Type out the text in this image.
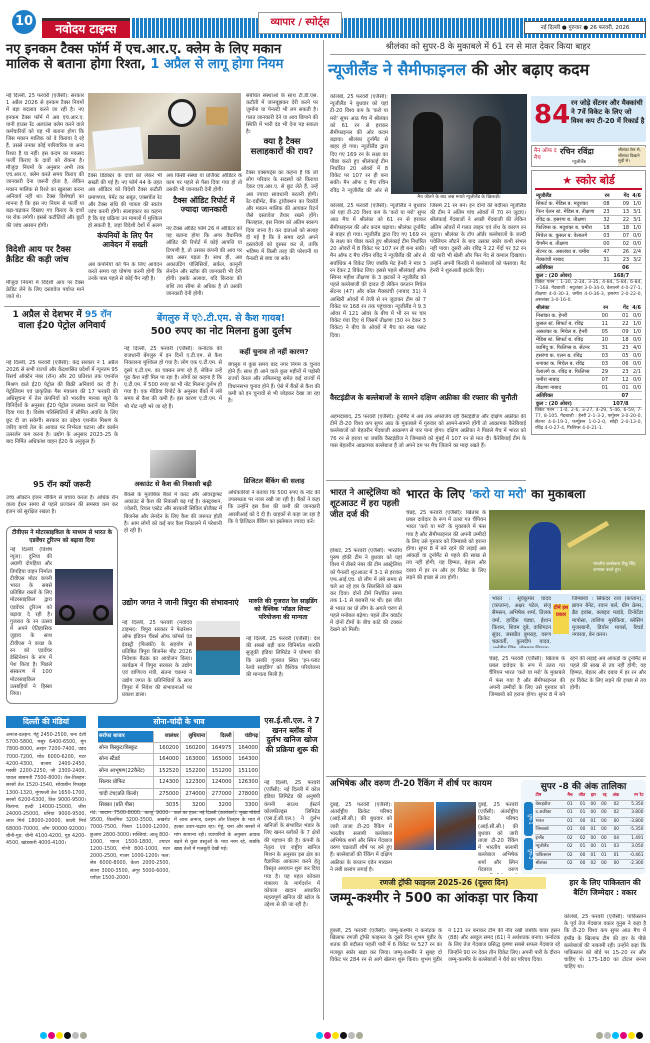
10	नवोदय टाइम्स	व्यापार / स्पोर्ट्स	नई दिल्ली ● गुरुवार ● 26 फरवरी, 2026
नए इनकम टैक्स फॉर्म में एच.आर.ए. क्लेम के लिए मकान मालिक से बताना होगा रिश्ता, 1 अप्रैल से लागू होगा नियम
नई दिल्ली, 25 फरवरी (एजैंसी): सरकार 1 अप्रैल 2026 से इनकम टैक्स नियमों में बड़ा बदलाव करने जा रही है। नए इनकम टैक्स फॉर्म में अब एच.आर.ए. यानी हाउस रेंट अलाउंस क्लेम करने वाले कर्मचारियों को यह भी बताना होगा कि जिस मकान मालिक को वे किराया दे रहे हैं, उससे उनका कोई पारिवारिक या अन्य रिश्ता है या नहीं। इस कदम का मकसद फर्जी किराए के दावों को रोकना है। मौजूदा नियमों के अनुसार अभी तक एच.आर.ए. क्लेम करते समय किराए की जानकारी देना जरूरी होता है, लेकिन मकान मालिक से रिश्ते का खुलासा करना अनिवार्य नहीं था। टैक्स विशेषज्ञों का मानना है कि इस नए नियम से फर्जी या बढ़ा-चढ़ाकर दिखाए गए किराए के दावों पर रोक लगेगी। इससे कटौतियों और छूटों की जांच आसान होगी।
विदेशी आय पर टैक्स क्रैडिट की कड़ी जांच
मौजूदा नियमों में विदेशी आय पर टैक्स क्रेडिट लेने के लिए दस्तावेज पर्याप्त माने जाते थे।
टैक्स डिडक्टर के दावों को लेकर भी सख्ती की गई है। नए फॉर्म 44 के तहत अब ऑडिटर को विदेशी टैक्स कटौती प्रमाणपत्र, पेमेंट का सबूत, एक्सचेंज रेट और टैक्स संधि की पात्रता की स्वतंत्र जांच करनी होगी। सलाहकार का कहना है कि यह प्रक्रिया उन मामलों में मुश्किल हो सकती है, जहां विदेशी देशों में अलग
कंपनियों के लिए पैन आवेदन में सख्ती
अब कंपनियों को पैन के लिए आवेदन करते समय यह घोषणा करनी होगी कि उनके पास पहले से कोई पैन नहीं है।
अब किसी संस्था या प्रोजैक्ट ऑडिटर के काम पर पहले से पैसा दिया गया हो तो उसकी भी जानकारी देनी होगी।
टैक्स ऑडिट रिपोर्ट में ज्यादा जानकारी
नए टैक्स ऑडिट फॉर्म 26 में ऑडिटर को यह बताना होगा कि अगर वैधानिक ऑडिट की रिपोर्ट में कोई आपत्ति या टिप्पणी है, तो उसका कंपनी की आय पर क्या असर पड़ता है। साथ ही, अब अकाउंटिंग पॉलिसियों, सर्कल, कानूनी लेनदेन और स्टॉक की जानकारी भी देनी होगी। इसके अलावा, यदि किराया की राशि तय सीमा से अधिक है तो उसकी जानकारी देनी होगी।
संबंधित संस्थाओं के साथ टी.डी.एस. कटौती में जानबूझकर देरी करने पर जुर्माना या पेनल्टी भी लग सकती है। गलत जानकारी देने या आय छिपाने की स्थिति में भारी दंड भी देना पड़ सकता है।
क्या है टैक्स सलाहकारों की राय?
टैक्स एक्सपर्ट्स का कहना है कि जो लोग परिवार के सदस्यों को किराया देकर एच.आर.ए. से छूट लेते हैं, उन्हें अब ज्यादा सावधानी बरतनी होगी। रेंट-एग्रीमेंट, बैंक ट्रांजैक्शन का रिकॉर्ड और मकान मालिक की आयकर रिटर्न जैसे दस्तावेज तैयार रखने होंगे। फिलहाल, इस नियम को अंतिम स्वरूप दिया जाना है। कर दाताओं को सलाह दी गई है कि वे समय रहते अपने दस्तावेजों को दुरुस्त कर लें, ताकि भविष्य में किसी तरह की परेशानी या पैनल्टी से बचा जा सके।
1 अप्रैल से देशभर में 95 रॉन वाला ई20 पेट्रोल अनिवार्य
नई दिल्ली, 25 फरवरी (एजैंसी): केंद्र सरकार ने 1 अप्रैल 2026 से सभी राज्यों और केंद्रशासित प्रदेशों में न्यूनतम 95 रिसर्च ऑक्टेन नंबर (रॉन) और 20 प्रतिशत तक एथनॉल मिश्रण वाले ई20 पेट्रोल की बिक्री अनिवार्य कर दी है। पेट्रोलियम एवं प्राकृतिक गैस मंत्रालय की 17 फरवरी की अधिसूचना में तेल कंपनियों को भारतीय मानक ब्यूरो के विनिर्देशों के अनुसार ई20 पेट्रोल उपलब्ध कराने का निर्देश दिया गया है। विशेष परिस्थितियों में सीमित अवधि के लिए छूट दी जा सकेगी। सरकार का उद्देश्य एथनॉल मिश्रण के जरिए कच्चे तेल के आयात पर निर्भरता घटाना और कार्बन उत्सर्जन कम करना है। उद्योग के अनुसार 2023-25 के बाद निर्मित अधिकांश वाहन ई20 के अनुकूल हैं।
95 रॉन क्यों जरूरी
उच्च ऑक्टेन इंजन नॉकिंग से बचाव करता है। अधिक रॉन वाला ईंधन समय से पहले प्रज्वलन की समस्या कम कर इंजन को सुरक्षित रखता है।
बेंगलुरु में एे.टी.एम. से कैश गायब!
500 रुपए का नोट मिलना हुआ दुर्लभ
नई दिल्ली, 25 फरवरी (एजैंसी): कर्नाटक की राजधानी बेंगलुरु में इन दिनों ए.टी.एम. से कैश निकालना मुश्किल हो गया है। लोग एक ए.टी.एम. से दूसरे ए.टी.एम. का चक्कर लगा रहे हैं, लेकिन उन्हें पूरा कैश नहीं मिल पा रहा है। लोगों का कहना है कि ए.टी.एम. में 500 रुपए का भी नोट मिलना दुर्लभ हो गया है। एक मीडिया रिपोर्ट के अनुसार बैंकों में लंबे समय से कैश की कमी है। इस कारण ए.टी.एम. में भी नोट नहीं भरे जा रहे हैं।
अकाउंट से कैश की निकासी बढ़ी
बैंकर्स के मुताबिक बैंकों में करंट और ओवरड्राफ्ट अकाउंट से कैश की निकासी बढ़ गई है। कंस्ट्रक्शन, ज्वेलरी, रियल एस्टेट और सरकारी सिविल प्रोजैक्ट में बिजनेस और लेनदेन के लिए कैश की जरूरत होती है। आम लोगों को कई बार कैश निकालने में परेशानी हो रही है।
कहीं चुनाव तो नहीं कारण?
बेंगलुरु में कुछ समय बाद नगर निगम के चुनाव होने हैं। साथ ही आने वाले कुछ महीनों में पड़ोसी राज्यों केरल और तमिलनाडु समेत कई राज्यों में विधानसभा चुनाव होने हैं। ऐसे में बैंकों से कैश की कमी को इन चुनावों से भी जोड़कर देखा जा रहा है।
डिजिटल बैंकिंग की सलाह
अधिकारियों ने बताया कि 500 रुपए के नोट की उपलब्धता पर नजर रखी जा रही है। बैंकों ने कहा कि उन्होंने इस कैश की कमी की जानकारी आरबीआई को दे दी है। ग्राहकों से कहा जा रहा है कि वे डिजिटल बैंकिंग का इस्तेमाल ज्यादा करें।
टीवीएस ने मोटरसाइकिल के माध्यम से भारत के एडवेंचर टूरिज्म को बढ़ावा दिया
नई दिल्ली (विशेष न्यूज): दुनिया की अग्रणी दोपहिया और तिपहिया वाहन निर्माता टीवीएस मोटर कंपनी भारत के सबसे प्रतिष्ठित रास्तों के लिए मोटरसाइकिल द्वारा एडवेंचर टूरिज्म को बढ़ावा दे रही है। गुजरात के रन उत्सव में अपने ऐतिहासिक जुड़ाव के साथ टीवीएस ने कच्छ के रन को एडवेंचर डेस्टिनेशन के रूप में पेश किया है। पिछले संस्करण में 100 मोटरसाइकिल उत्साहियों ने हिस्सा लिया।
उद्योग जगत ने जानी त्रिपुरा की संभावनाएं
नई दिल्ली, 25 फरवरी (नवोदय टाइम्स): त्रिपुरा सरकार ने फेडरेशन ऑफ इंडियन चैंबर्स ऑफ कॉमर्स एंड इंडस्ट्री (फिक्की) के सहयोग से प्रतिष्ठित त्रिपुरा बिजनेस मीट 2026 निवेशक बैठक का आयोजन किया। कार्यक्रम में त्रिपुरा सरकार के उद्योग एवं वाणिज्य मंत्री, संतना चकमा ने उद्योग जगत के प्रतिनिधियों के साथ त्रिपुरा में निवेश की संभावनाओं पर प्रकाश डाला।
मारुति की गुजरात रेल साइडिंग को वैश्विक 'मॉडल शिफ्ट' परियोजना की मान्यता
नई दिल्ली, 25 फरवरी (एजैंसी): देश की सबसे बड़ी कार विनिर्माता मारुति सुजुकी इंडिया लिमिटेड ने घोषणा की कि उसकी गुजरात स्थित 'इन-प्लांट रेलवे साइडिंग' को वैश्विक परियोजना की मान्यता मिली है।
दिल्ली की मंडियां
अनाज-दलहन: गेहूं 2450-2500, चना देशी 5700-5800, मसूर 6400-6500, मूंग 7800-8000, अरहर 7200-7400, उड़द 7000-7200, मोठ 6000-6200, मटर 4200-4300, बाजरा 2400-2450, मक्की 2200-2250, जौ 2300-2400, चावल बासमती 7500-8000। तेल-तिलहन: सरसों तेल 1520-1540, सोयाबीन रिफाइंड 1300-1320, मूंगफली तेल 1650-1700, सरसों 6200-6300, तिल 9000-9500। किराना: हल्दी 14000-15000, जीरा 24000-25000, धनिया 9000-9500, लाल मिर्च 18000-20000, काली मिर्च 68000-70000, लौंग 90000-92000। चीनी-गुड़: चीनी 4100-4200, गुड़ 4200-4500, खांडसारी 4000-4100।
सोना-चांदी के भाव
सर्राफा बाजार	जालंधर	लुधियाना	दिल्ली	चंडीगढ़
सोना बिस्कुट/बिस्कुट	160200	160200	164975	164000
सोना स्टैंडर्ड	164000	163000	165000	164300
सोना आभूषण(22कैरेट)	152520	152200	151200	151100
सिल्वर प्रोफिट	124300	122300	124000	126300
चांदी टंच(प्रति किलो)	275000	274000	277000	278000
सिक्का (प्रति पीस)	3035	3200	3200	3300
मेवे: बादाम 7500-8000, काजू 9000-9500, किशमिश 3200-3500, अखरोट 7000-7500, पिस्ता 11000-12000, छुआरा 2800-3000। सब्जियां: आलू 800-1000, प्याज 1500-1800, टमाटर 1200-1500, गोभी 800-1000, मटर 2000-2500, गाजर 1000-1200। फल: सेब 6000-8000, केला 2000-2500, संतरा 3000-3500, अंगूर 5000-6000, पपीता 1500-2000।
कल का हाल: नई दिल्ली (कारोबार): मुख्य मंडियों में आज अनाज, दलहन और तिलहन के भाव में हल्का उतार-चढ़ाव रहा। गेहूं, चना और सरसों में मांग सामान्य रही। व्यापारियों के अनुसार आवक बढ़ने से कुछ वस्तुओं के भाव नरम रहे, जबकि खाद्य तेलों में मजबूती देखी गई।
एस.ई.सी.एल. ने 7 खनन ब्लॉक में दुर्लभ खनिज खोज की प्रक्रिया शुरू की
नई दिल्ली, 25 फरवरी (एजैंसी): नई दिल्ली में कोल इंडिया लिमिटेड की अनुषंगी कंपनी साउथ ईस्टर्न कोलफील्ड्स लिमिटेड (एस.ई.सी.एल.) ने दुर्लभ खनिजों के संभावित भंडार के लिए खनन ब्लॉकों के 7 क्षेत्रों की पहचान की है। कंपनी के नेतृत्व एवं राष्ट्रीय खनिज मिशन के अनुसार इस क्षेत्र का वैज्ञानिक आकलन करने हेतु विस्तृत अध्ययन शुरू कर दिया गया है। यह पहल कोयला मंत्रालय के मार्गदर्शन में कोयला खदान आधारित महत्वपूर्ण खनिज की खोज के उद्देश्य से की जा रही है।
श्रीलंका को सुपर-8 के मुकाबले में 61 रन से मात देकर किया बाहर
न्यूजीलैंड ने सैमीफाइनल की ओर बढ़ाए कदम
कोलंबो, 25 फरवरी (एजैंसी): न्यूजीलैंड ने बुधवार को यहां टी-20 विश्व कप के 'करो या मरो' सुपर आठ मैच में श्रीलंका को 61 रन से हराकर सैमीफाइनल की ओर कदम बढ़ाया। श्रीलंका टूर्नामैंट से बाहर हो गया। न्यूजीलैंड द्वारा दिए गए 169 रन के लक्ष्य का पीछा करते हुए श्रीलंकाई टीम निर्धारित 20 ओवरों में 8 विकेट पर 107 रन ही बना सकी। मैन ऑफ द मैच रचिन रविंद्र ने न्यूजीलैंड की ओर से
मैच जीतने के बाद जश्न मनाते न्यूजीलैंड के खिलाड़ी।
कोलंबो, 25 फरवरी (एजैंसी): न्यूजीलैंड ने बुधवार को यहां टी-20 विश्व कप के 'करो या मरो' सुपर आठ मैच में श्रीलंका को 61 रन से हराकर सैमीफाइनल की ओर कदम बढ़ाया। श्रीलंका टूर्नामैंट से बाहर हो गया। न्यूजीलैंड द्वारा दिए गए 169 रन के लक्ष्य का पीछा करते हुए श्रीलंकाई टीम निर्धारित 20 ओवरों में 8 विकेट पर 107 रन ही बना सकी। मैन ऑफ द मैच रचिन रविंद्र ने न्यूजीलैंड की ओर से सर्वाधिक 4 विकेट लिए जबकि मेट हेनरी ने मात्र 3 रन देकर 2 विकेट लिए। इससे पहले श्रीलंकाई ऑफ स्पिनर महीश तीक्षणा के 3 झटकों ने न्यूजीलैंड को पहले बल्लेबाजी की दावत दी लेकिन कप्तान मिचेल सेंटनर (47) और कोल मैक्कांची (नाबाद 31) ने आखिरी ओवरों में तेजी से रन जुटाकर टीम को 7 विकेट पर 168 रन तक पहुंचाया। न्यूजीलैंड ने 9.3 ओवर में 121 ओवर के बीच में भी रन पर चार विकेट गंवा दिए थे जिसमें तीक्षणा (30 रन देकर 3 विकेट) ने बीच के ओवरों में मैच का रुख पलट दिया।
जिसमें 21 रन बने। इन दोनों की बदौलत न्यूजीलैंड की टीम ने अंतिम पांच ओवरों में 70 रन जुटाए। श्रीलंकाई गेंदबाजों ने अच्छी गेंदबाजी की लेकिन अंतिम ओवरों में गलत लाइन एवं लेंथ के कारण रन लुटाए। श्रीलंका के टॉप ऑर्डर बल्लेबाजों के जल्दी पवेलियन लौटने के बाद उसका स्कोर कभी संभल नहीं पाया। दूसरी ओर रविंद्र ने 22 गेंदों पर 32 रन की पारी भी खेली और फिर गेंद से कमाल दिखाया। उन्होंने अपनी फिरकी में बल्लेबाजों को फंसाया। मैट हेनरी ने शुरुआती झटके दिए।
84 रन जोड़े सेंटनर और मैक्कांची ने 7वें विकेट के लिए जो विश्व कप टी-20 में रिकार्ड है
मैन ऑफ द मैच
रचिन रविंद्रा
न्यूजीलैंड
श्रीलंका टेस्ट से, श्रीलंका दिखाने सूची से।
★ स्कोर बोर्ड
न्यूजीलैंड	रन	गेंद	4/6
सिफर्ट क. मेंडिस ब. मदुशंका	08	09	1/0
फिन ऐलन स्टं. मेंडिस ब. तीक्षणा	23	13	3/1
रविंद्र क. हसरंगा ब. तीक्षणा	32	22	3/1
फिलिप्स क. मदुशंका ब. चमीरा	18	18	1/0
मिचेल क. कुसल ब. वेलालगे	03	07	0/0
चैपमैन ब. तीक्षणा	00	02	0/0
सेंटनर क. असलंका ब. चमीरा	47	26	2/4
मैक्कांची नाबाद	31	23	3/2
अतिरिक्त		06	
कुल : (20 ओवर)		168/7	
विकेट पतन : 1-30, 2-34, 3-35, 4-84, 5-84, 6-84, 7-168. गेंदबाजी : मदुशंका 3-0-34-0, वेलालगे 4-0-27-1, तीक्षणा 4-0-30-3, चमीरा 4-0-36-3, हसरंगा 2-0-22-0, असलंका 3-0-16-0.
श्रीलंका	रन	गेंद	4/6
निसांका क. हेनरी	00	01	0/0
कुसल स्टं. सिफर्ट ब. रविंद्र	11	22	1/0
असलंका क. मिचेल ब. हेनरी	05	09	1/0
मेंडिस स्टं. सिफर्ट ब. रविंद्र	10	18	0/0
कामिंदु क. फिलिप्स ब. सेंटनर	31	23	4/0
हसरंगा क. एलन ब. रविंद्र	03	05	0/0
शनाका क. मिचेल ब. रविंद्र	03	06	0/0
वेलालगे क. रविंद्र ब. फिलिप्स	29	23	2/1
चमीरा नाबाद	07	12	0/0
तीक्षणा नाबाद	01	01	0/0
अतिरिक्त		07	
कुल : (20 ओवर)		107/8	
विकेट पतन : 1-0, 2-6, 3-27, 4-29, 5-46, 6-59, 7-77, 8-105. गेंदबाजी : हेनरी 2-1-3-2, फर्गुसन 3-0-20-0, सेंटनर 4-0-19-1, फर्ग्युसन 1-0-2-0, सोढ़ी 2-0-13-0, रविंद्र 4-0-27-4, फिलिप्स 4-0-21-1.
वैस्टइंडीज के बल्लेबाजों के सामने दक्षिण अफ्रीका की रफ्तार की चुनौती
अहमदाबाद, 25 फरवरी (एजैंसी): टूर्नामैंट में अब तक अपराजेय रही वैस्टइंडीज और दक्षिण अफ्रीका की टीमें टी-20 विश्व कप सुपर आठ के मुकाबले में गुरुवार को आमने-सामने होंगी तो आक्रामक कैरेबियाई बल्लेबाजों को बेहतरीन गेंदबाजी आक्रमण से पार पाना होगा। दक्षिण अफ्रीका ने पिछले मैच में भारत को 76 रन से हराया था जबकि वैस्टइंडीज ने जिम्बाब्वे को मुंबई में 107 रन से मात दी। कैरेबियाई टीम के पास बेहतरीन आक्रामक बल्लेबाज हैं जो अपने दम पर मैच जिताने का माद्दा रखते हैं।
भारत ने आस्ट्रेलिया को शूटआउट में हरा पहली जीत दर्ज की
होबार्ट, 25 फरवरी (एजैंसी): भारतीय पुरुष हॉकी टीम ने बुधवार को यहां विश्व में तीसरे नंबर की टीम आस्ट्रेलिया को पैनल्टी शूटआउट में 3-1 से हराकर एफ.आई.एच. प्रो लीग में लंबे समय से चले आ रहे हार के सिलसिले को खत्म कर दिया। दोनों टीमें निर्धारित समय तक 1-1 से बराबरी पर थीं। इस जीत से भारत का प्रो लीग के अगले चरण से पहले मनोबल बढ़ेगा। पहले तीन क्वार्टर में दोनों टीमों के बीच कांटे की टक्कर देखने को मिली।
भारत के लिए 'करो या मरो' का मुकाबला
चेन्नई, 25 फरवरी (एजैंसी): खिताब के प्रबल दावेदार के रूप में उतरा गत चैंपियन भारत 'करो या मरो' के मुकाबले में फंस गया है और सैमीफाइनल की अपनी उम्मीदों के लिए उसे गुरुवार को जिम्बाब्वे को हराना होगा। सुपर 8 में बने रहने की लड़ाई अब आंकड़ों या टूर्नामैंट से पहले की साख से तय नहीं होगी; यह हिम्मत, बेहतर और दबाव में हर रन और हर विकेट के लिए लड़ने की इच्छा से तय होगी।
भारतीय बल्लेबाज रिंकू सिंह अभ्यास करते हुए।
टीमें इस प्रकार
भारत : सूर्यकुमार यादव (कप्तान), अक्षर पटेल, संजू सैमसन, अभिषेक शर्मा, तिलक वर्मा, हार्दिक पंड्या, ईशान किशन, शिवम दुबे, वाशिंगटन सुंदर, जसप्रीत बुमराह, वरुण चक्रवर्ती, कुलदीप यादव,
जिम्बाब्वे : सिकंदर रजा (कप्तान), ब्रायन बेनेट, रयान बर्ल, ग्रीम क्रेमर, ब्रैड इवांस, क्लाइव मडांडे, टिनोटेंडा मापोसा, ताशिंगा मुसेकिवा, ब्लेसिंग मुजरबानी, डियोन मायर्स, रिचर्ड नगारवा, बेन करन।
चेन्नई, 25 फरवरी (एजैंसी): खिताब के प्रबल दावेदार के रूप में उतरा गत चैंपियन भारत 'करो या मरो' के मुकाबले में फंस गया है और सैमीफाइनल की अपनी उम्मीदों के लिए उसे गुरुवार को जिम्बाब्वे को हराना होगा। सुपर 8 में बने रहने की लड़ाई अब आंकड़ों या टूर्नामैंट से पहले की साख से तय नहीं होगी; यह हिम्मत, बेहतर और दबाव में हर रन और हर विकेट के लिए लड़ने की इच्छा से तय होगी।
अभिषेक और वरुण टी-20 रैंकिंग में शीर्ष पर कायम
दुबई, 25 फरवरी (एजैंसी): अंतर्राष्ट्रीय क्रिकेट परिषद (आई.सी.सी.) की बुधवार को जारी ताजा टी-20 रैंकिंग में भारतीय सलामी बल्लेबाज अभिषेक शर्मा और स्पिन गेंदबाज वरुण चक्रवर्ती शीर्ष पर बने हुए हैं। बल्लेबाजों की रैंकिंग में दक्षिण अफ्रीका के कप्तान एडेन मारक्रम ने लंबी छलांग लगाई है।
दुबई, 25 फरवरी (एजैंसी): अंतर्राष्ट्रीय क्रिकेट परिषद (आई.सी.सी.) की बुधवार को जारी ताजा टी-20 रैंकिंग में भारतीय सलामी बल्लेबाज अभिषेक शर्मा और स्पिन गेंदबाज वरुण
सुपर -8 की अंक तालिका
ग्रुप-1
ग्रुप-2
टीम	मैच	जीत	हार	रद्द	अंक	रन रेट
वेस्टइंडीज	01	01	00	00	02	5.350
द.अफ्रीका	01	01	00	00	02	3.800
भारत	01	00	01	00	00	-3.800
जिम्बाब्वे	01	00	01	00	00	-5.350
इंग्लैंड	02	02	00	00	04	1.491
न्यूजीलैंड	02	01	00	01	03	3.050
पाकिस्तान	02	00	01	01	01	-0.461
श्रीलंका	02	00	02	00	00	-2.300
रणजी ट्रॉफी फाइनल 2025-26 (दूसरा दिन)
जम्मू-कश्मीर ने 500 का आंकड़ा पार किया
हुबली, 25 फरवरी (एजैंसी): जम्मू-कश्मीर ने कर्नाटक के खिलाफ रणजी ट्रॉफी फाइनल के दूसरे दिन शुभम पुंडीर के शतक की बदौलत पहली पारी में 6 विकेट पर 527 रन का मजबूत स्कोर खड़ा कर लिया। जम्मू-कश्मीर ने सुबह दो विकेट पर 284 रन से आगे खेलना शुरू किया। शुभम पुंडीर ने 121 रन बनाकर टीम की नींव रखी जबकि यावर हसन (88) और अब्दुल समद (61) ने अर्धशतक बनाए। कर्नाटक के लिए तेज गेंदबाज प्रसिद्ध कृष्णा सबसे सफल गेंदबाज रहे जिन्होंने 90 रन देकर तीन विकेट लिए। अपनी पारी के दौरान जम्मू-कश्मीर के बल्लेबाजों ने धैर्य का परिचय दिया।
हार के लिए पाकिस्तान की बैटिंग जिम्मेदार : वकार
कोलंबो, 25 फरवरी (एजैंसी): पाकिस्तान के पूर्व तेज गेंदबाज वकार यूनुस ने कहा है कि टी-20 विश्व कप सुपर आठ मैच में इंग्लैंड के खिलाफ टीम की हार के पीछे बल्लेबाजों की नाकामी रही। उन्होंने कहा कि पाकिस्तान को बोर्ड पर 15-20 रन और चाहिए थे। 175-180 का टोटल बनना चाहिए था।
